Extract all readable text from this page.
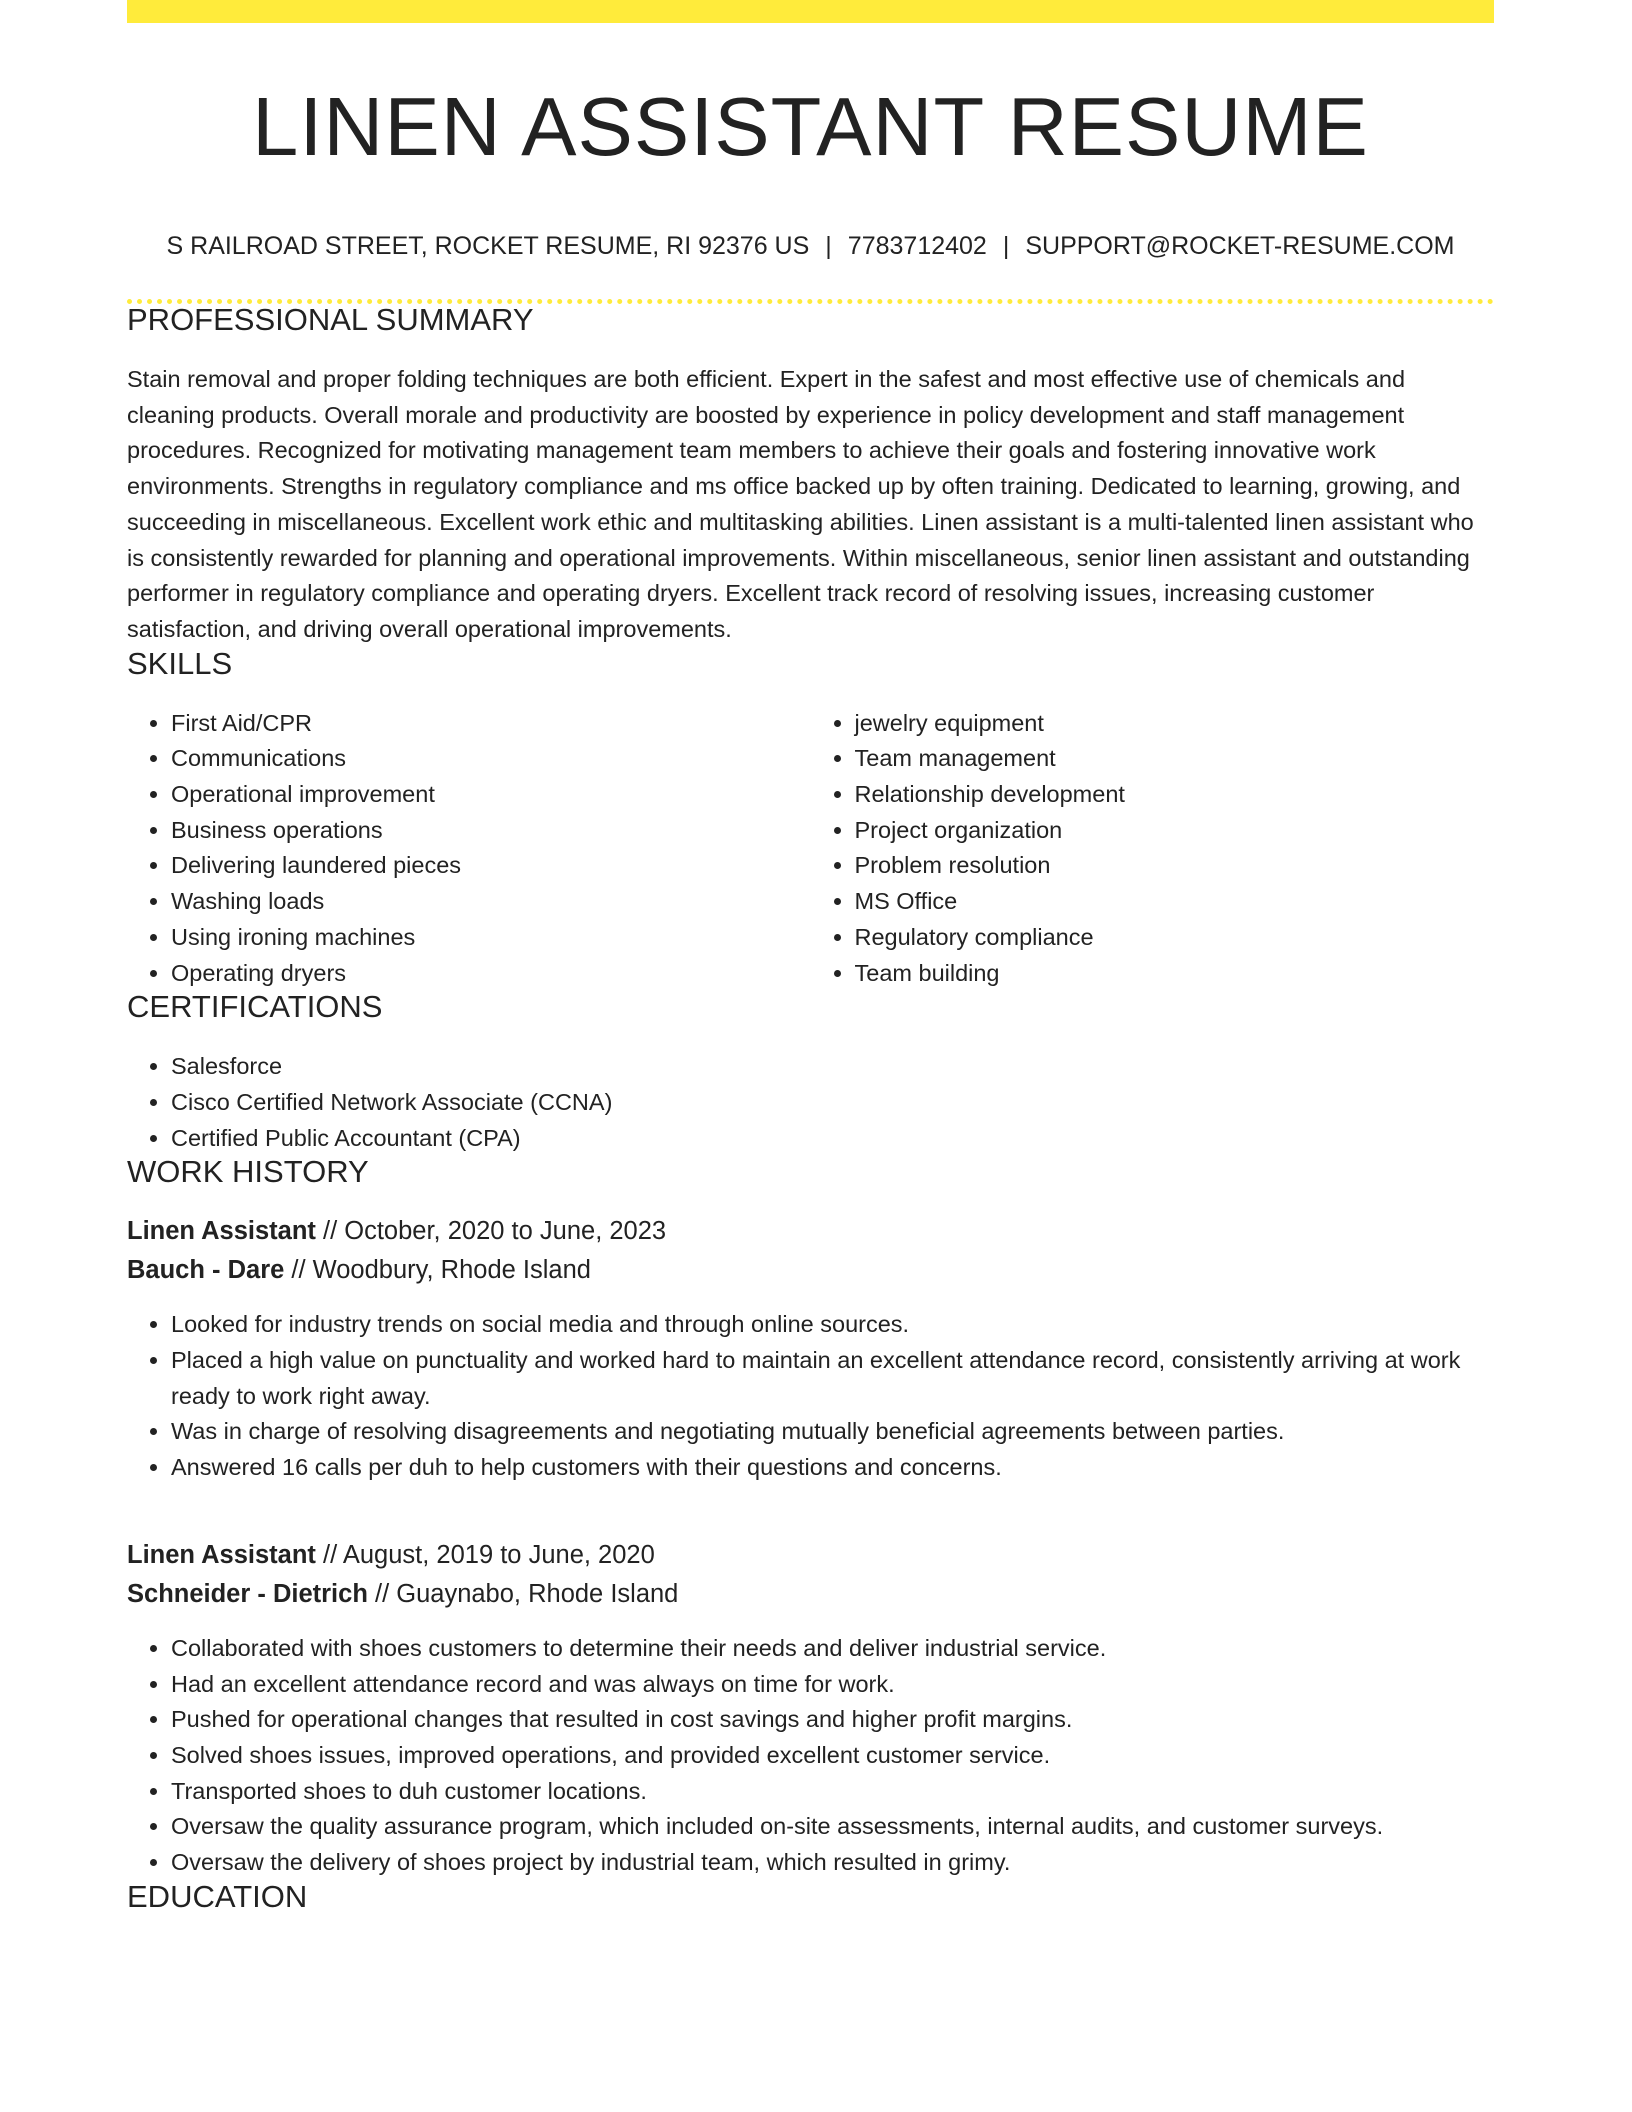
LINEN ASSISTANT RESUME
S RAILROAD STREET, ROCKET RESUME, RI 92376 US | 7783712402 | SUPPORT@ROCKET-RESUME.COM
PROFESSIONAL SUMMARY

Stain removal and proper folding techniques are both efficient. Expert in the safest and most effective use of chemicals and cleaning products. Overall morale and productivity are boosted by experience in policy development and staff management procedures. Recognized for motivating management team members to achieve their goals and fostering innovative work environments. Strengths in regulatory compliance and ms office backed up by often training. Dedicated to learning, growing, and succeeding in miscellaneous. Excellent work ethic and multitasking abilities. Linen assistant is a multi-talented linen assistant who is consistently rewarded for planning and operational improvements. Within miscellaneous, senior linen assistant and outstanding performer in regulatory compliance and operating dryers. Excellent track record of resolving issues, increasing customer satisfaction, and driving overall operational improvements.

SKILLS
• First Aid/CPR
• Communications
• Operational improvement
• Business operations
• Delivering laundered pieces
• Washing loads
• Using ironing machines
• Operating dryers
• jewelry equipment
• Team management
• Relationship development
• Project organization
• Problem resolution
• MS Office
• Regulatory compliance
• Team building
CERTIFICATIONS
• Salesforce
• Cisco Certified Network Associate (CCNA)
• Certified Public Accountant (CPA)
WORK HISTORY
Linen Assistant // October, 2020 to June, 2023
Bauch - Dare // Woodbury, Rhode Island
• Looked for industry trends on social media and through online sources.
• Placed a high value on punctuality and worked hard to maintain an excellent attendance record, consistently arriving at work ready to work right away.
• Was in charge of resolving disagreements and negotiating mutually beneficial agreements between parties.
• Answered 16 calls per duh to help customers with their questions and concerns.
Linen Assistant // August, 2019 to June, 2020
Schneider - Dietrich // Guaynabo, Rhode Island
• Collaborated with shoes customers to determine their needs and deliver industrial service.
• Had an excellent attendance record and was always on time for work.
• Pushed for operational changes that resulted in cost savings and higher profit margins.
• Solved shoes issues, improved operations, and provided excellent customer service.
• Transported shoes to duh customer locations.
• Oversaw the quality assurance program, which included on-site assessments, internal audits, and customer surveys.
• Oversaw the delivery of shoes project by industrial team, which resulted in grimy.
EDUCATION
